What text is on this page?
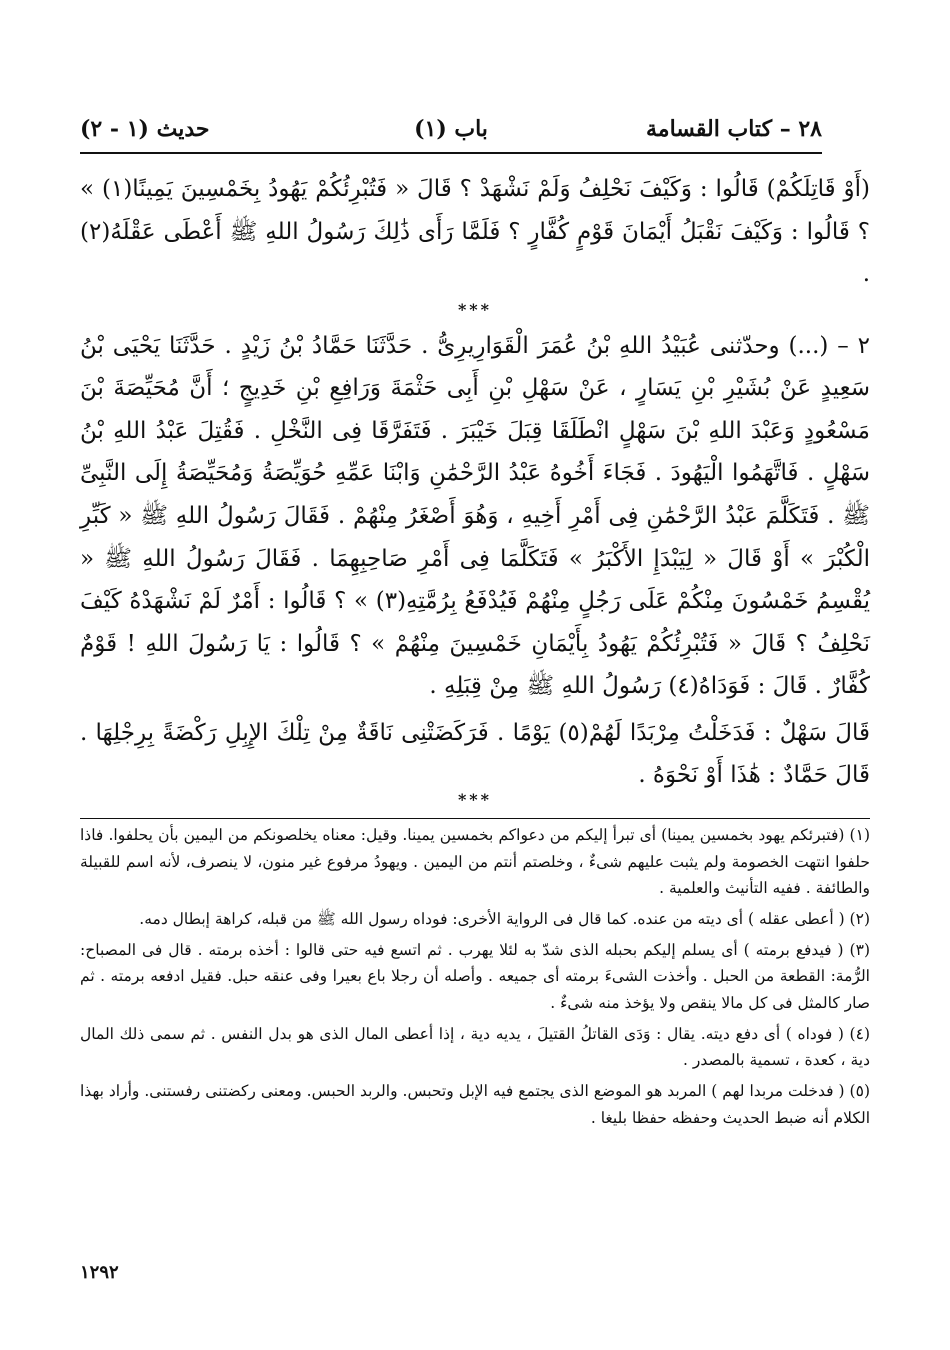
(١ - ٢) حديث	(١) باب	٢٨ – كتاب القسامة

(أَوْ قَاتِلَكُمْ) قَالُوا : وَكَيْفَ نَحْلِفُ وَلَمْ نَشْهَدْ ؟ قَالَ « فَتُبْرِئُكُمْ يَهُودُ بِخَمْسِينَ يَمِينًا(١) » ؟ قَالُوا : وَكَيْفَ نَقْبَلُ أَيْمَانَ قَوْمٍ كُفَّارٍ ؟ فَلَمَّا رَأَى ذَٰلِكَ رَسُولُ اللهِ ﷺ أَعْطَى عَقْلَهُ(٢) .

***

٢ – (...) وحدّثنى عُبَيْدُ اللهِ بْنُ عُمَرَ الْقَوَارِيرِىُّ . حَدَّثَنَا حَمَّادُ بْنُ زَيْدٍ . حَدَّثَنَا يَحْيَى بْنُ سَعِيدٍ عَنْ بُشَيْرِ بْنِ يَسَارٍ ، عَنْ سَهْلِ بْنِ أَبِى حَثْمَةَ وَرَافِعِ بْنِ خَدِيجٍ ؛ أَنَّ مُحَيِّصَةَ بْنَ مَسْعُودٍ وَعَبْدَ اللهِ بْنَ سَهْلٍ انْطَلَقَا قِبَلَ خَيْبَرَ . فَتَفَرَّقَا فِى النَّخْلِ . فَقُتِلَ عَبْدُ اللهِ بْنُ سَهْلٍ . فَاتَّهَمُوا الْيَهُودَ . فَجَاءَ أَخُوهُ عَبْدُ الرَّحْمَٰنِ وَابْنَا عَمِّهِ حُوَيِّصَةُ وَمُحَيِّصَةُ إِلَى النَّبِىِّ ﷺ . فَتَكَلَّمَ عَبْدُ الرَّحْمَٰنِ فِى أَمْرِ أَخِيهِ ، وَهُوَ أَصْغَرُ مِنْهُمْ . فَقَالَ رَسُولُ اللهِ ﷺ « كَبِّرِ الْكُبْرَ » أَوْ قَالَ « لِيَبْدَإِ الأَكْبَرُ » فَتَكَلَّمَا فِى أَمْرِ صَاحِبِهِمَا . فَقَالَ رَسُولُ اللهِ ﷺ « يُقْسِمُ خَمْسُونَ مِنْكُمْ عَلَى رَجُلٍ مِنْهُمْ فَيُدْفَعُ بِرُمَّتِهِ(٣) » ؟ قَالُوا : أَمْرٌ لَمْ نَشْهَدْهُ كَيْفَ نَحْلِفُ ؟ قَالَ « فَتُبْرِئُكُمْ يَهُودُ بِأَيْمَانِ خَمْسِينَ مِنْهُمْ » ؟ قَالُوا : يَا رَسُولَ اللهِ ! قَوْمٌ كُفَّارٌ . قَالَ : فَوَدَاهُ(٤) رَسُولُ اللهِ ﷺ مِنْ قِبَلِهِ .

قَالَ سَهْلٌ : فَدَخَلْتُ مِرْبَدًا لَهُمْ(٥) يَوْمًا . فَرَكَضَتْنِى نَاقَةٌ مِنْ تِلْكَ الإِبِلِ رَكْضَةً بِرِجْلِهَا . قَالَ حَمَّادٌ : هَٰذَا أَوْ نَحْوَهُ .

***

(١) (فتبرئكم يهود بخمسين يمينا) أى تبرأ إليكم من دعواكم بخمسين يمينا. وقيل: معناه يخلصونكم من اليمين بأن يحلفوا. فاذا حلفوا انتهت الخصومة ولم يثبت عليهم شىءٌ ، وخلصتم أنتم من اليمين . ويهودُ مرفوع غير منون، لا ينصرف، لأنه اسم للقبيلة والطائفة . ففيه التأنيث والعلمية .

(٢) ( أعطى عقله ) أى ديته من عنده. كما قال فى الرواية الأخرى: فوداه رسول الله ﷺ من قبله، كراهة إبطال دمه.

(٣) ( فيدفع برمته ) أى يسلم إليكم بحبله الذى شدّ به لئلا يهرب . ثم اتسع فيه حتى قالوا : أخذه برمته . قال فى المصباح: الرُّمة: القطعة من الحبل . وأخذت الشىءَ برمته أى جميعه . وأصله أن رجلا باع بعيرا وفى عنقه حبل. فقيل ادفعه برمته . ثم صار كالمثل فى كل مالا ينقص ولا يؤخذ منه شىءٌ .

(٤) ( فوداه ) أى دفع ديته. يقال : وَدَى القاتلُ القتيلَ ، يديه دية ، إذا أعطى المال الذى هو بدل النفس . ثم سمى ذلك المال دية ، كعدة ، تسمية بالمصدر .

(٥) ( فدخلت مربدا لهم ) المربد هو الموضع الذى يجتمع فيه الإبل وتحبس. والربد الحبس. ومعنى ركضتنى رفستنى. وأراد بهذا الكلام أنه ضبط الحديث وحفظه حفظا بليغا .

١٢٩٢
